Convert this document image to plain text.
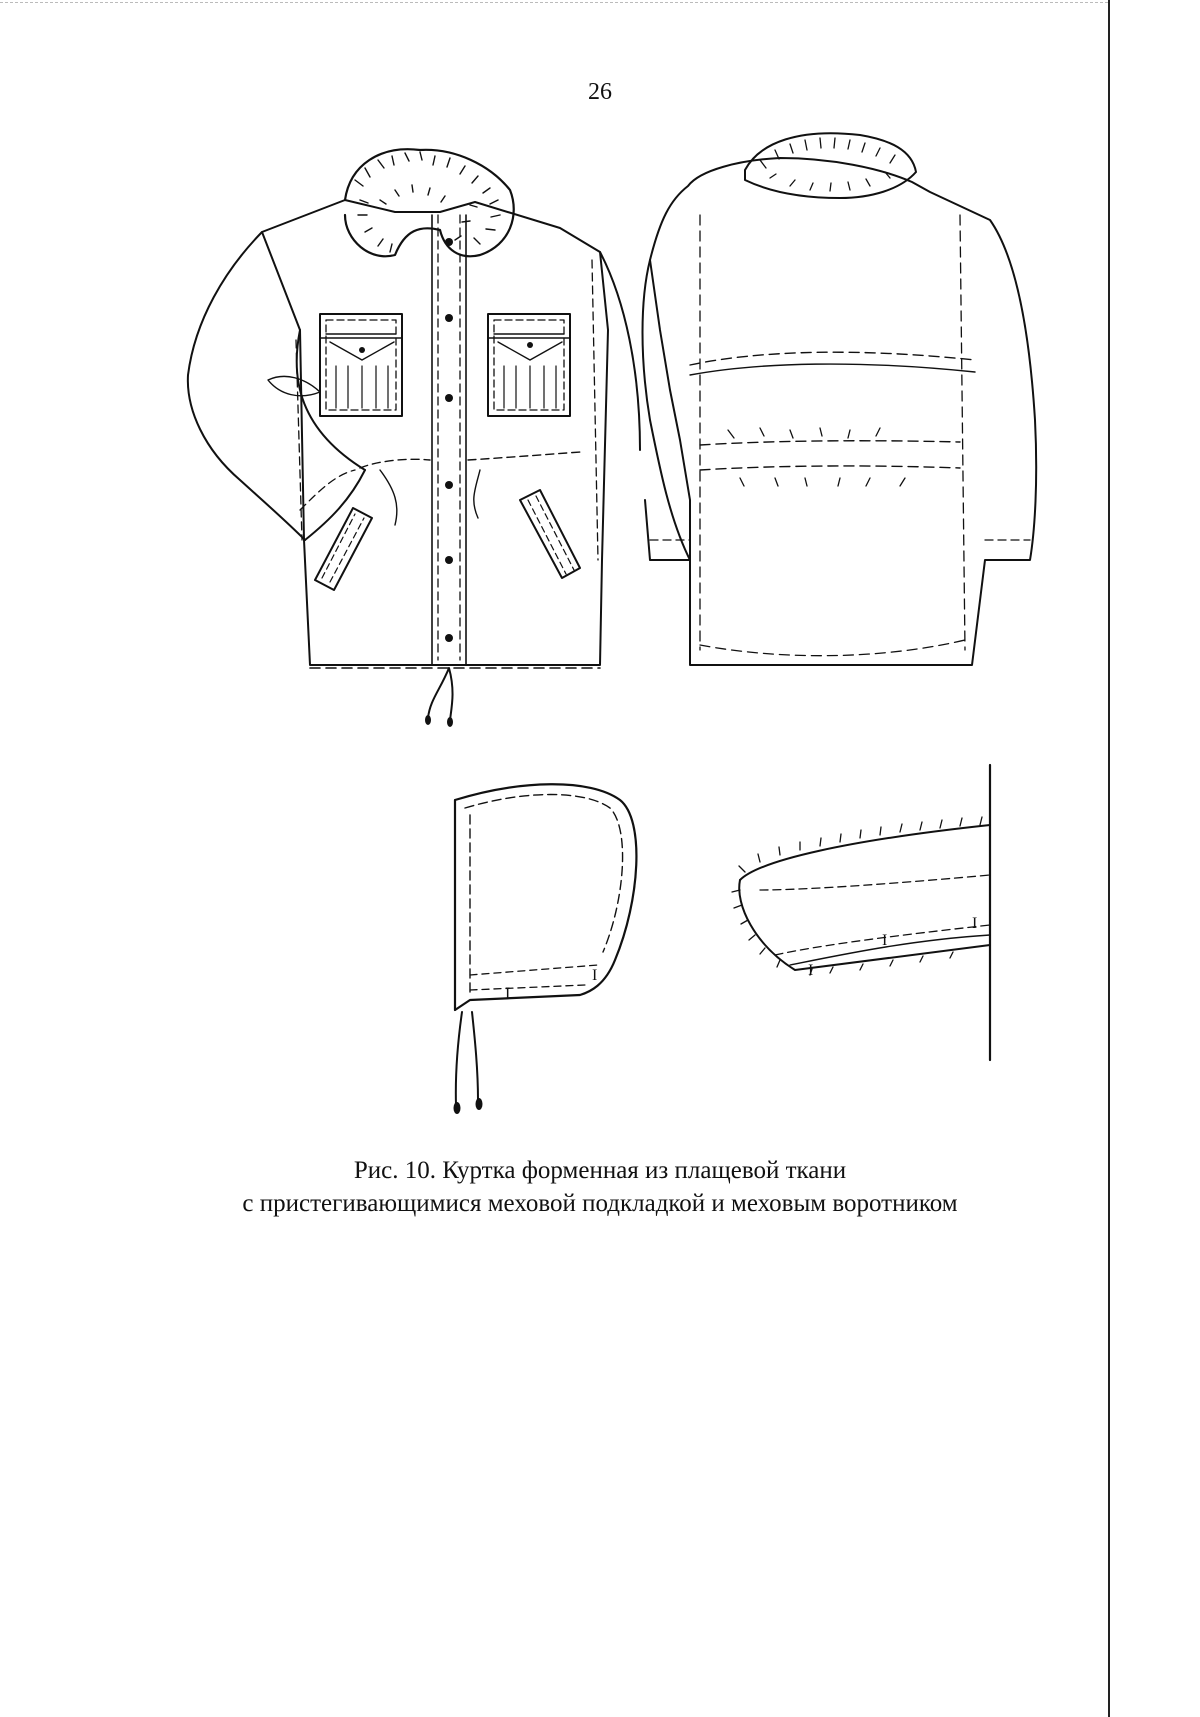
26
I
I	I
I
I
Рис. 10. Куртка форменная из плащевой ткани
с пристегивающимися меховой подкладкой и меховым воротником
